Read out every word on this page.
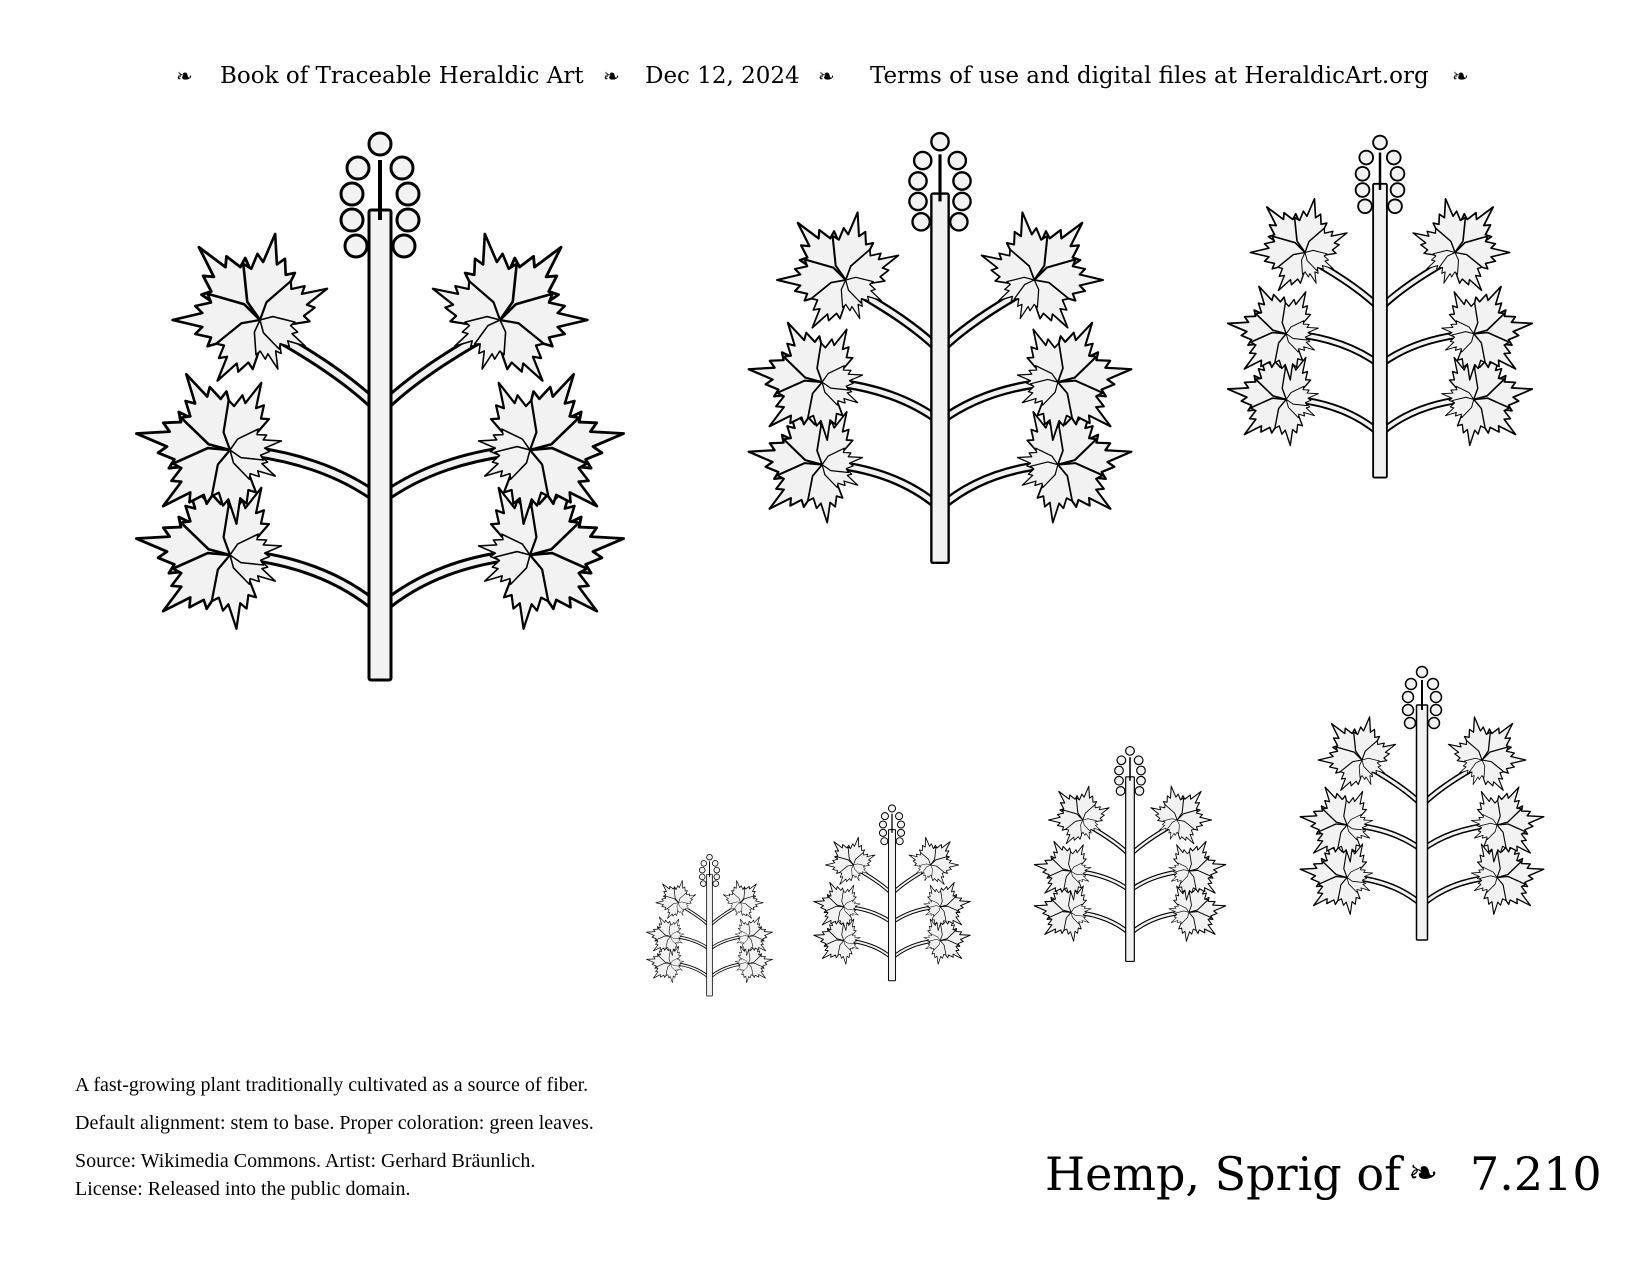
❧ Book of Traceable Heraldic Art ❧ Dec 12, 2024 ❧ Terms of use and digital files at HeraldicArt.org ❧
A fast-growing plant traditionally cultivated as a source of fiber.
Default alignment: stem to base. Proper coloration: green leaves.
Source: Wikimedia Commons. Artist: Gerhard Bräunlich.
License: Released into the public domain.	Hemp, Sprig of ❧ 7.210
